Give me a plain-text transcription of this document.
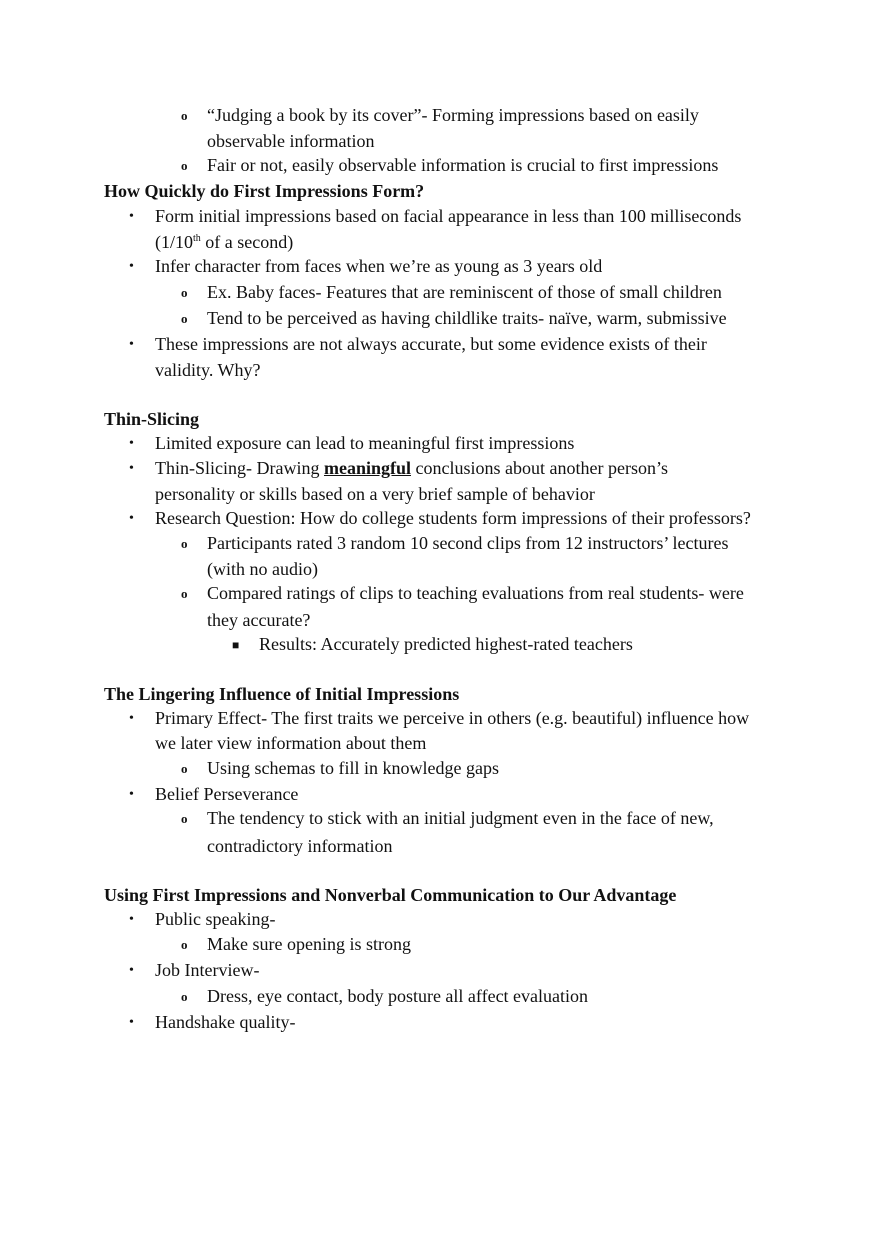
o “Judging a book by its cover”- Forming impressions based on easily
observable information
o Fair or not, easily observable information is crucial to first impressions
How Quickly do First Impressions Form?
• Form initial impressions based on facial appearance in less than 100 milliseconds
(1/10th of a second)
• Infer character from faces when we’re as young as 3 years old
o Ex. Baby faces- Features that are reminiscent of those of small children
o Tend to be perceived as having childlike traits- naïve, warm, submissive
• These impressions are not always accurate, but some evidence exists of their
validity. Why?
Thin-Slicing
• Limited exposure can lead to meaningful first impressions
• Thin-Slicing- Drawing meaningful conclusions about another person’s
personality or skills based on a very brief sample of behavior
• Research Question: How do college students form impressions of their professors?
o Participants rated 3 random 10 second clips from 12 instructors’ lectures
(with no audio)
o Compared ratings of clips to teaching evaluations from real students- were
they accurate?
■ Results: Accurately predicted highest-rated teachers
The Lingering Influence of Initial Impressions
• Primary Effect- The first traits we perceive in others (e.g. beautiful) influence how
we later view information about them
o Using schemas to fill in knowledge gaps
• Belief Perseverance
o The tendency to stick with an initial judgment even in the face of new,
contradictory information
Using First Impressions and Nonverbal Communication to Our Advantage
• Public speaking-
o Make sure opening is strong
• Job Interview-
o Dress, eye contact, body posture all affect evaluation
• Handshake quality-
